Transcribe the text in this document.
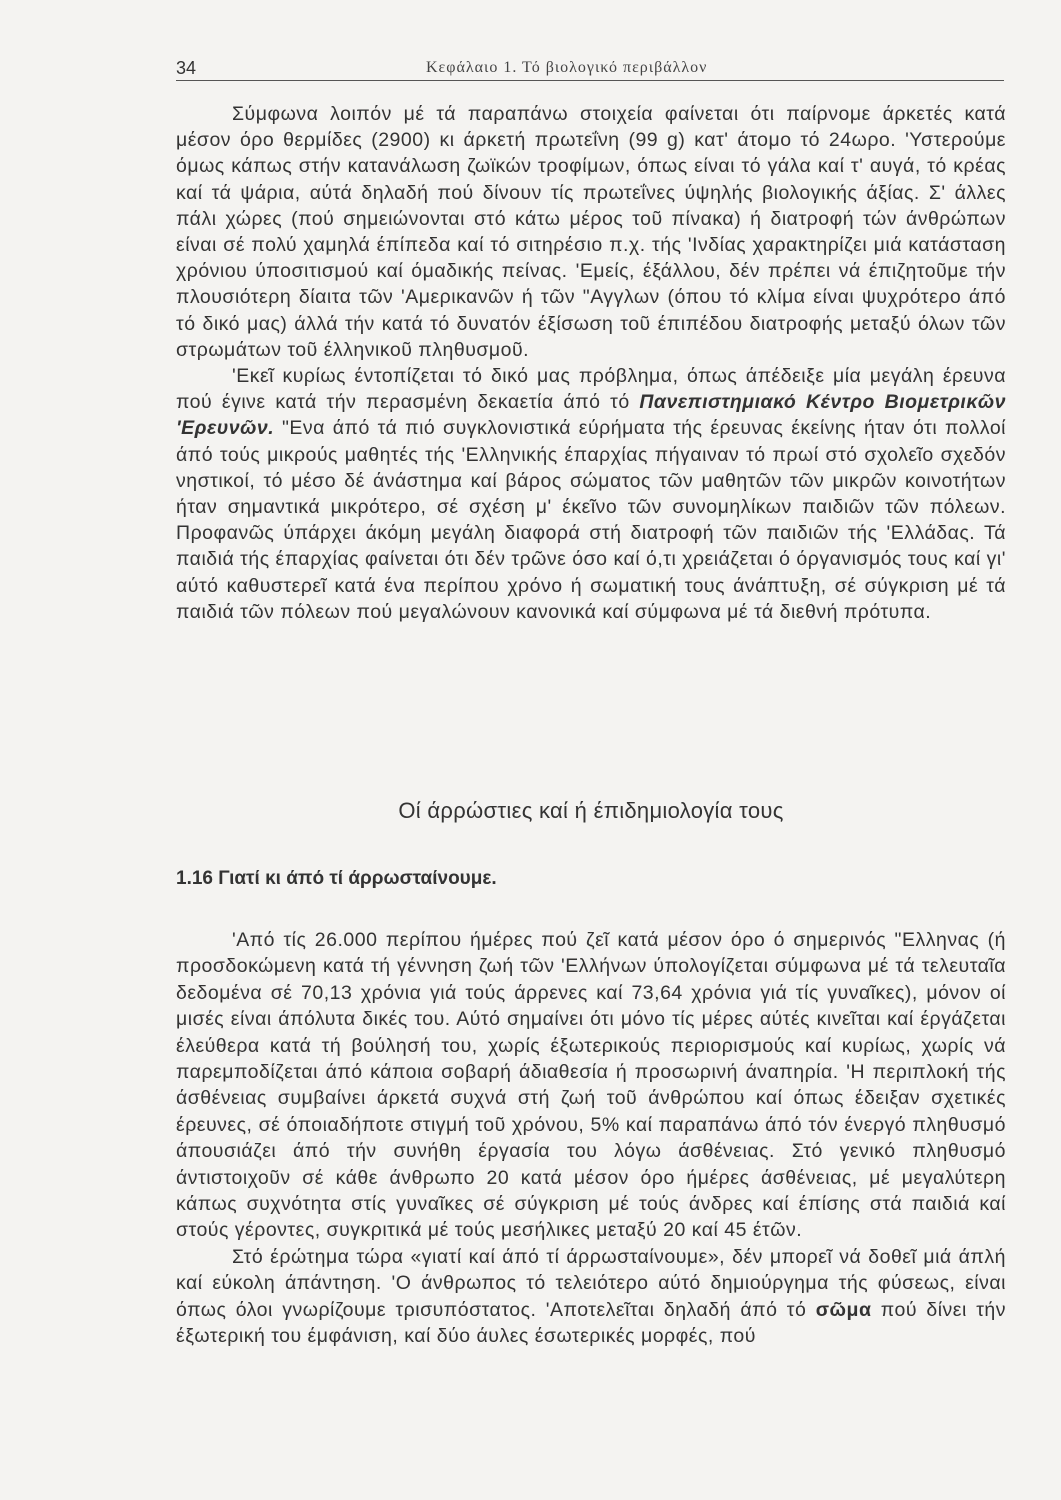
34	Κεφάλαιο 1. Τό βιολογικό περιβάλλον

Σύμφωνα λοιπόν μέ τά παραπάνω στοιχεία φαίνεται ότι παίρνομε άρκετές κατά μέσον όρο θερμίδες (2900) κι άρκετή πρωτεΐνη (99 g) κατ' άτομο τό 24ωρο. 'Υστερούμε όμως κάπως στήν κατανάλωση ζωϊκών τροφίμων, όπως είναι τό γάλα καί τ' αυγά, τό κρέας καί τά ψάρια, αύτά δηλαδή πού δίνουν τίς πρωτεΐνες ύψηλής βιολογικής άξίας. Σ' άλλες πάλι χώρες (πού σημειώνονται στό κάτω μέρος τοῦ πίνακα) ή διατροφή τών άνθρώπων είναι σέ πολύ χαμηλά έπίπεδα καί τό σιτηρέσιο π.χ. τής 'Ινδίας χαρακτηρίζει μιά κατάσταση χρόνιου ύποσιτισμού καί όμαδικής πείνας. 'Εμείς, έξάλλου, δέν πρέπει νά έπιζητοῦμε τήν πλουσιότερη δίαιτα τῶν 'Αμερικανῶν ή τῶν "Αγγλων (όπου τό κλίμα είναι ψυχρότερο άπό τό δικό μας) άλλά τήν κατά τό δυνατόν έξίσωση τοῦ έπιπέδου διατροφής μεταξύ όλων τῶν στρωμάτων τοῦ έλληνικοῦ πληθυσμοῦ.

'Εκεῖ κυρίως έντοπίζεται τό δικό μας πρόβλημα, όπως άπέδειξε μία μεγάλη έρευνα πού έγινε κατά τήν περασμένη δεκαετία άπό τό Πανεπιστημιακό Κέντρο Βιομετρικῶν 'Ερευνῶν. "Ενα άπό τά πιό συγκλονιστικά εύρήματα τής έρευνας έκείνης ήταν ότι πολλοί άπό τούς μικρούς μαθητές τής 'Ελληνικής έπαρχίας πήγαιναν τό πρωί στό σχολεῖο σχεδόν νηστικοί, τό μέσο δέ άνάστημα καί βάρος σώματος τῶν μαθητῶν τῶν μικρῶν κοινοτήτων ήταν σημαντικά μικρότερο, σέ σχέση μ' έκεῖνο τῶν συνομηλίκων παιδιῶν τῶν πόλεων. Προφανῶς ύπάρχει άκόμη μεγάλη διαφορά στή διατροφή τῶν παιδιῶν τής 'Ελλάδας. Τά παιδιά τής έπαρχίας φαίνεται ότι δέν τρῶνε όσο καί ό,τι χρειάζεται ό όργανισμός τους καί γι' αύτό καθυστερεῖ κατά ένα περίπου χρόνο ή σωματική τους άνάπτυξη, σέ σύγκριση μέ τά παιδιά τῶν πόλεων πού μεγαλώνουν κανονικά καί σύμφωνα μέ τά διεθνή πρότυπα.

Οί άρρώστιες καί ή έπιδημιολογία τους
1.16 Γιατί κι άπό τί άρρωσταίνουμε.

'Από τίς 26.000 περίπου ήμέρες πού ζεῖ κατά μέσον όρο ό σημερινός "Ελληνας (ή προσδοκώμενη κατά τή γέννηση ζωή τῶν 'Ελλήνων ύπολογίζεται σύμφωνα μέ τά τελευταῖα δεδομένα σέ 70,13 χρόνια γιά τούς άρρενες καί 73,64 χρόνια γιά τίς γυναῖκες), μόνον οί μισές είναι άπόλυτα δικές του. Αύτό σημαίνει ότι μόνο τίς μέρες αύτές κινεῖται καί έργάζεται έλεύθερα κατά τή βούλησή του, χωρίς έξωτερικούς περιορισμούς καί κυρίως, χωρίς νά παρεμποδίζεται άπό κάποια σοβαρή άδιαθεσία ή προσωρινή άναπηρία. 'Η περιπλοκή τής άσθένειας συμβαίνει άρκετά συχνά στή ζωή τοῦ άνθρώπου καί όπως έδειξαν σχετικές έρευνες, σέ όποιαδήποτε στιγμή τοῦ χρόνου, 5% καί παραπάνω άπό τόν ένεργό πληθυσμό άπουσιάζει άπό τήν συνήθη έργασία του λόγω άσθένειας. Στό γενικό πληθυσμό άντιστοιχοῦν σέ κάθε άνθρωπο 20 κατά μέσον όρο ήμέρες άσθένειας, μέ μεγαλύτερη κάπως συχνότητα στίς γυναῖκες σέ σύγκριση μέ τούς άνδρες καί έπίσης στά παιδιά καί στούς γέροντες, συγκριτικά μέ τούς μεσήλικες μεταξύ 20 καί 45 έτῶν.

Στό έρώτημα τώρα «γιατί καί άπό τί άρρωσταίνουμε», δέν μπορεῖ νά δοθεῖ μιά άπλή καί εύκολη άπάντηση. 'Ο άνθρωπος τό τελειότερο αύτό δημιούργημα τής φύσεως, είναι όπως όλοι γνωρίζουμε τρισυπόστατος. 'Αποτελεῖται δηλαδή άπό τό σῶμα πού δίνει τήν έξωτερική του έμφάνιση, καί δύο άυλες έσωτερικές μορφές, πού
